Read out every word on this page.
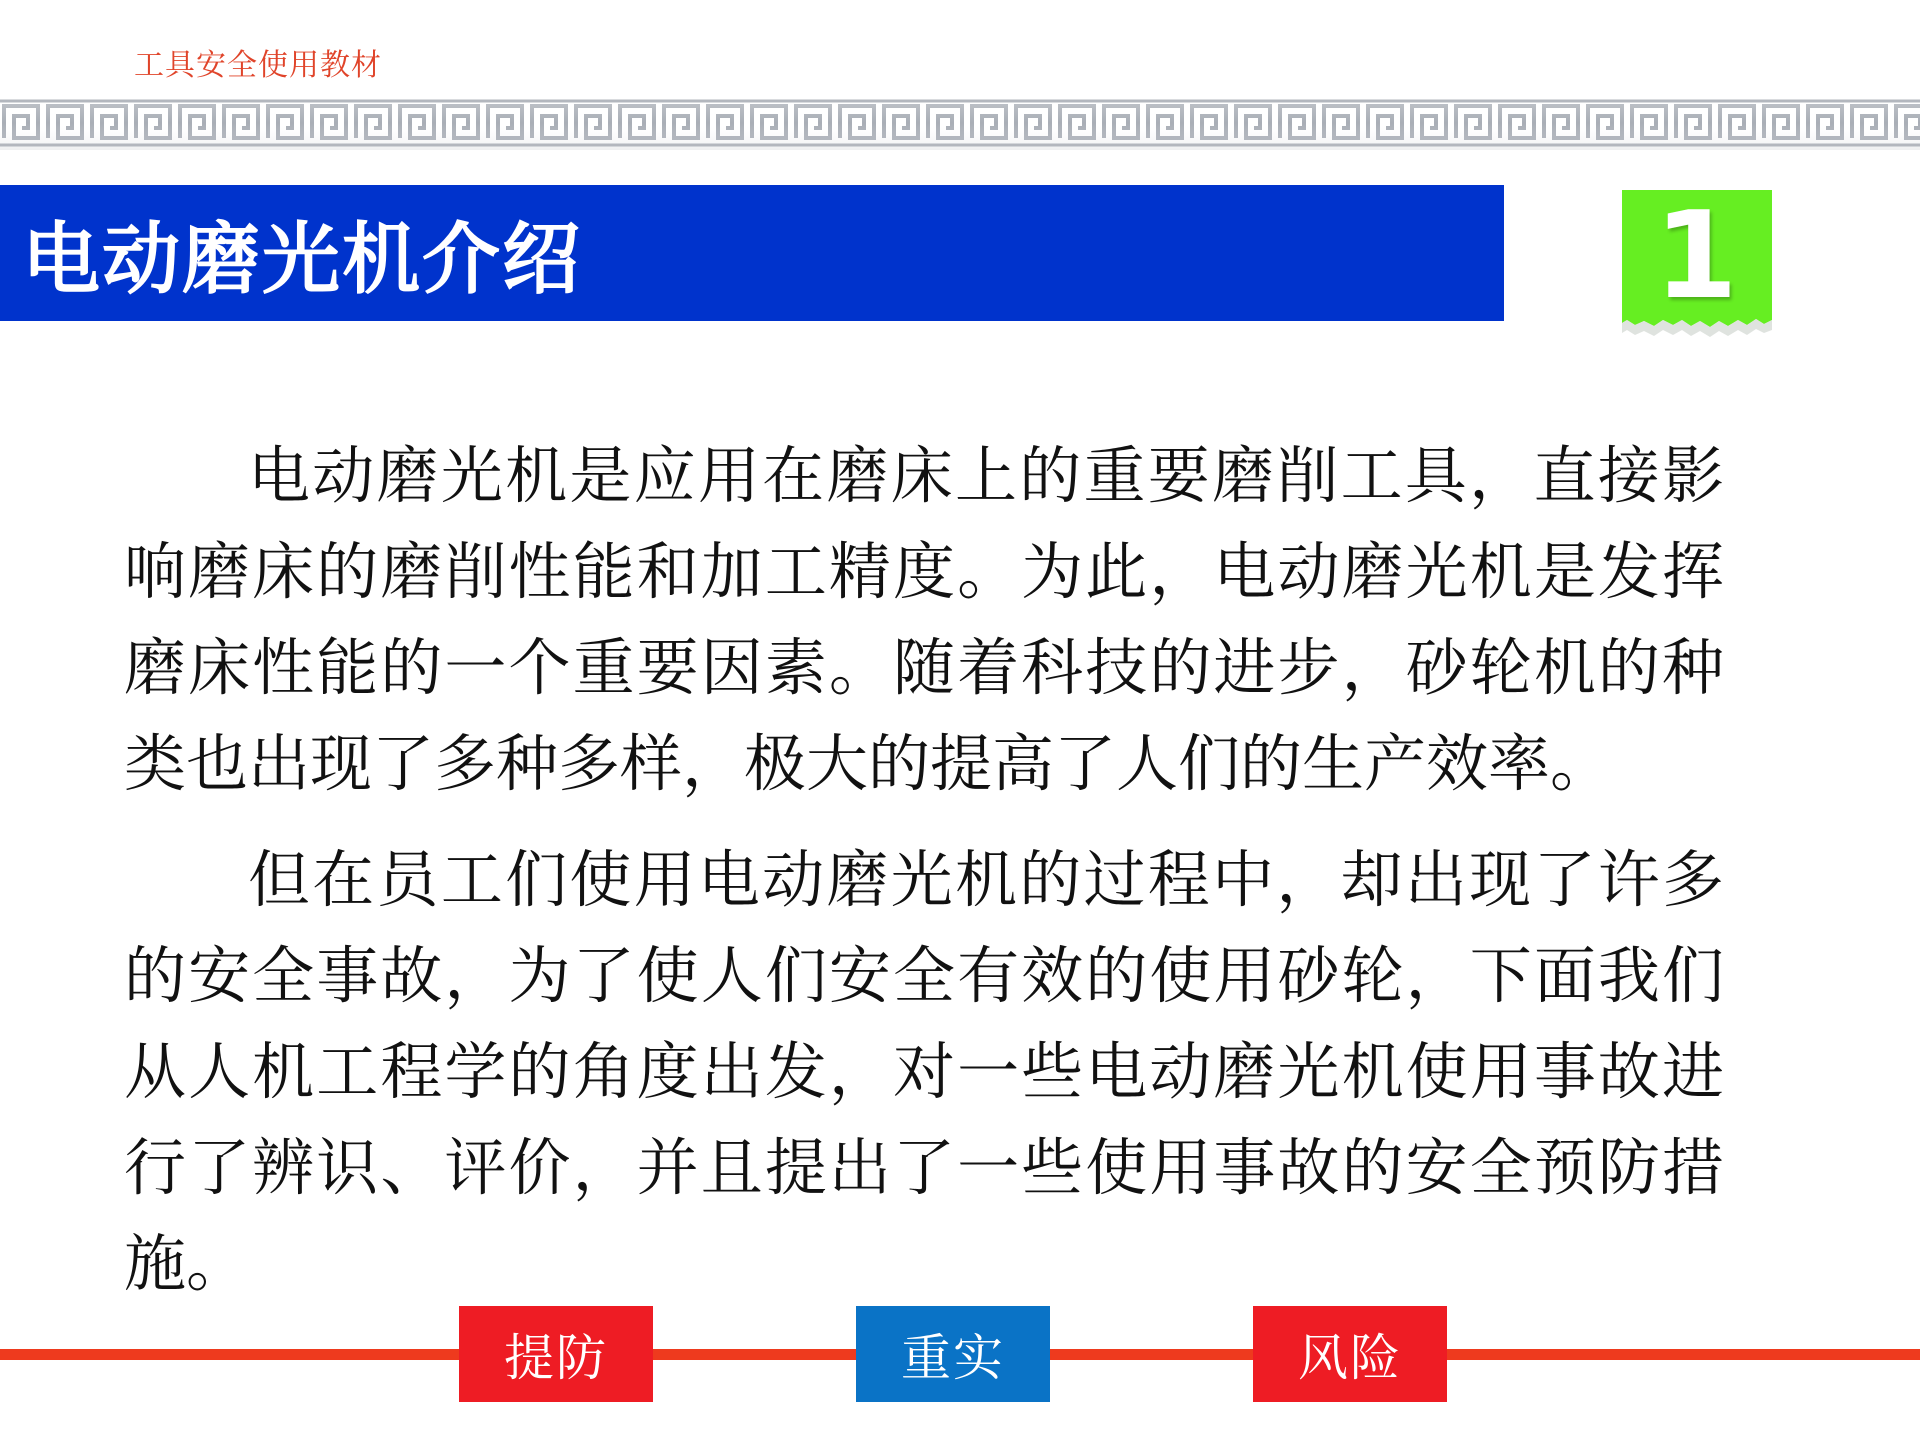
工具安全使用教材
电动磨光机介绍	1

电动磨光机是应用在磨床上的重要磨削工具，直接影响磨床的磨削性能和加工精度。为此，电动磨光机是发挥磨床性能的一个重要因素。随着科技的进步，砂轮机的种类也出现了多种多样，极大的提高了人们的生产效率。

但在员工们使用电动磨光机的过程中，却出现了许多的安全事故，为了使人们安全有效的使用砂轮，下面我们从人机工程学的角度出发，对一些电动磨光机使用事故进行了辨识、评价，并且提出了一些使用事故的安全预防措施。

提防	重实	风险
